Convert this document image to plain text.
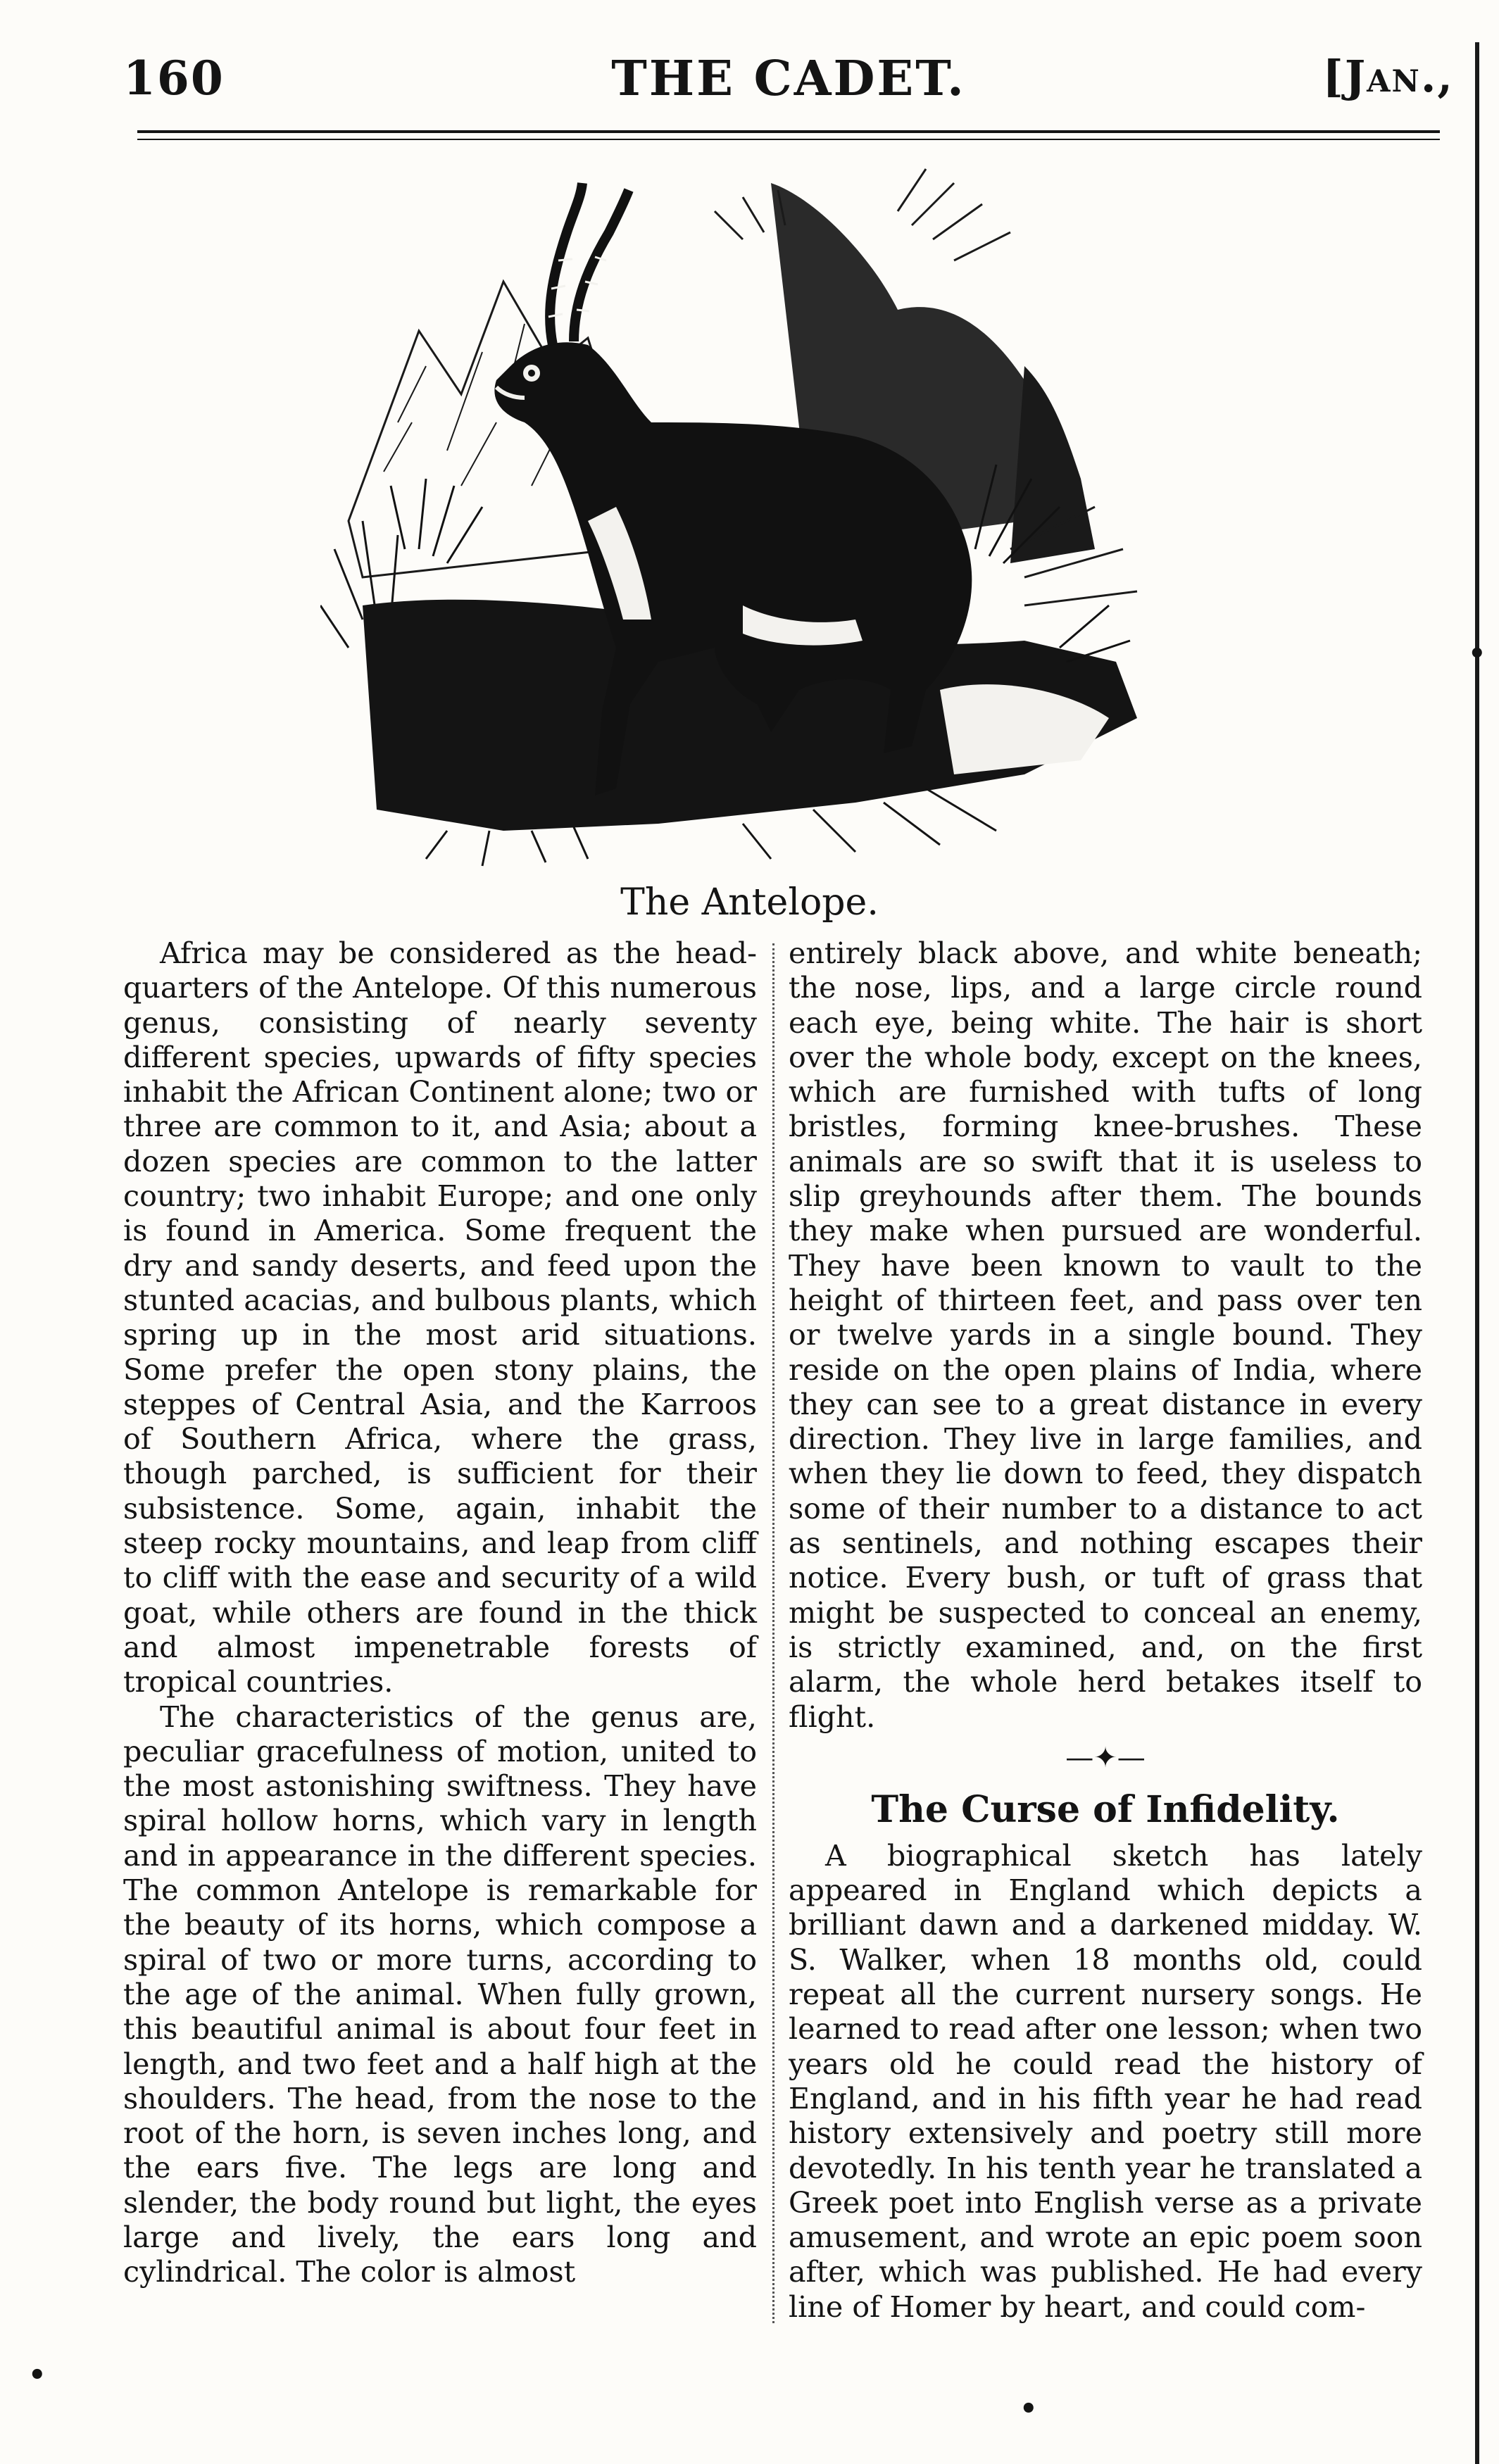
160	THE CADET.	[Jan.,
The Antelope.

Africa may be considered as the head-quarters of the Antelope. Of this numerous genus, consisting of nearly seventy different species, upwards of fifty species inhabit the African Continent alone; two or three are common to it, and Asia; about a dozen species are common to the latter country; two inhabit Europe; and one only is found in America. Some frequent the dry and sandy deserts, and feed upon the stunted acacias, and bulbous plants, which spring up in the most arid situations. Some prefer the open stony plains, the steppes of Central Asia, and the Karroos of Southern Africa, where the grass, though parched, is sufficient for their subsistence. Some, again, inhabit the steep rocky mountains, and leap from cliff to cliff with the ease and security of a wild goat, while others are found in the thick and almost impenetrable forests of tropical countries.

The characteristics of the genus are, peculiar gracefulness of motion, united to the most astonishing swiftness. They have spiral hollow horns, which vary in length and in appearance in the different species. The common Antelope is remarkable for the beauty of its horns, which compose a spiral of two or more turns, according to the age of the animal. When fully grown, this beautiful animal is about four feet in length, and two feet and a half high at the shoulders. The head, from the nose to the root of the horn, is seven inches long, and the ears five. The legs are long and slender, the body round but light, the eyes large and lively, the ears long and cylindrical. The color is almost

entirely black above, and white beneath; the nose, lips, and a large circle round each eye, being white. The hair is short over the whole body, except on the knees, which are furnished with tufts of long bristles, forming knee-brushes. These animals are so swift that it is useless to slip greyhounds after them. The bounds they make when pursued are wonderful. They have been known to vault to the height of thirteen feet, and pass over ten or twelve yards in a single bound. They reside on the open plains of India, where they can see to a great distance in every direction. They live in large families, and when they lie down to feed, they dispatch some of their number to a distance to act as sentinels, and nothing escapes their notice. Every bush, or tuft of grass that might be suspected to conceal an enemy, is strictly examined, and, on the first alarm, the whole herd betakes itself to flight.

—✦—
The Curse of Infidelity.

A biographical sketch has lately appeared in England which depicts a brilliant dawn and a darkened midday. W. S. Walker, when 18 months old, could repeat all the current nursery songs. He learned to read after one lesson; when two years old he could read the history of England, and in his fifth year he had read history extensively and poetry still more devotedly. In his tenth year he translated a Greek poet into English verse as a private amusement, and wrote an epic poem soon after, which was published. He had every line of Homer by heart, and could com-

•
•
•
